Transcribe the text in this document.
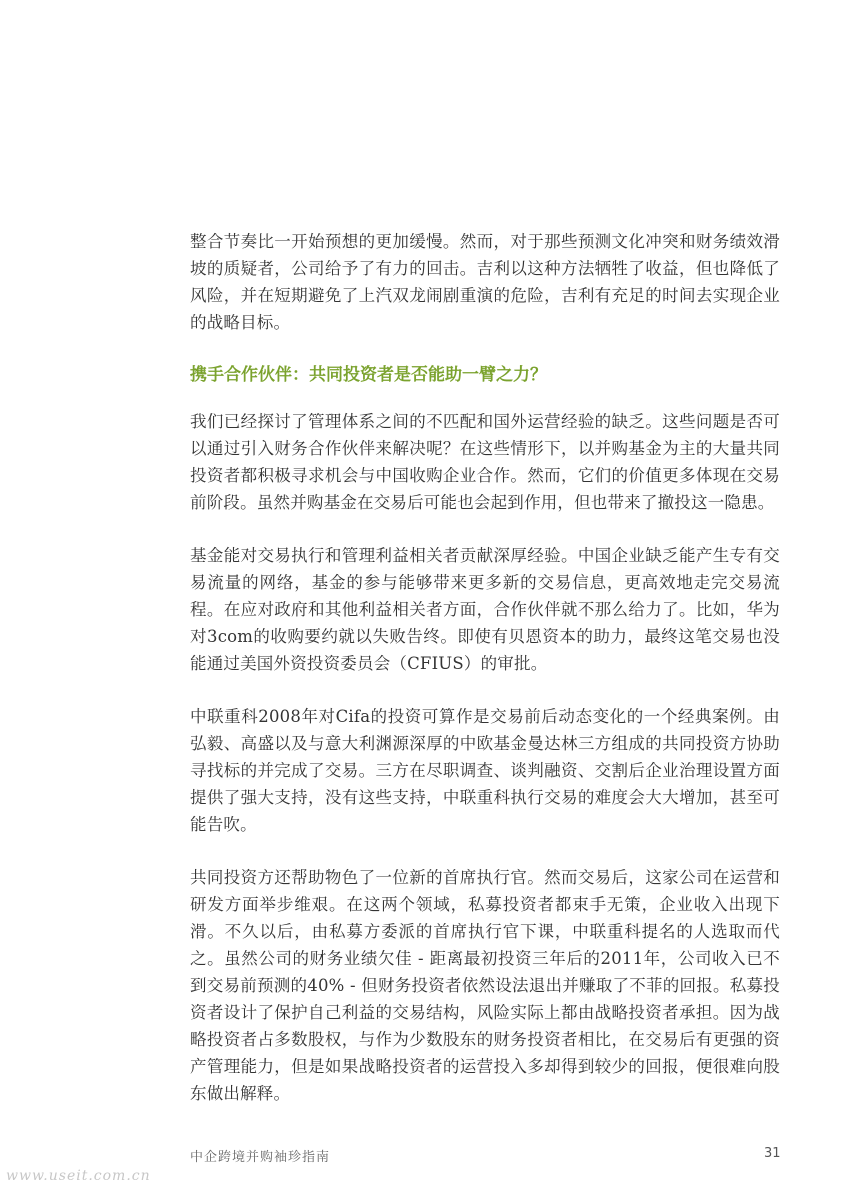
整合节奏比一开始预想的更加缓慢。然而，对于那些预测文化冲突和财务绩效滑坡的质疑者，公司给予了有力的回击。吉利以这种方法牺牲了收益，但也降低了风险，并在短期避免了上汽双龙闹剧重演的危险，吉利有充足的时间去实现企业的战略目标。

携手合作伙伴：共同投资者是否能助一臂之力？

我们已经探讨了管理体系之间的不匹配和国外运营经验的缺乏。这些问题是否可以通过引入财务合作伙伴来解决呢？在这些情形下，以并购基金为主的大量共同投资者都积极寻求机会与中国收购企业合作。然而，它们的价值更多体现在交易前阶段。虽然并购基金在交易后可能也会起到作用，但也带来了撤投这一隐患。

基金能对交易执行和管理利益相关者贡献深厚经验。中国企业缺乏能产生专有交易流量的网络，基金的参与能够带来更多新的交易信息，更高效地走完交易流程。在应对政府和其他利益相关者方面，合作伙伴就不那么给力了。比如，华为对3com的收购要约就以失败告终。即使有贝恩资本的助力，最终这笔交易也没能通过美国外资投资委员会（CFIUS）的审批。

中联重科2008年对Cifa的投资可算作是交易前后动态变化的一个经典案例。由弘毅、高盛以及与意大利渊源深厚的中欧基金曼达林三方组成的共同投资方协助寻找标的并完成了交易。三方在尽职调查、谈判融资、交割后企业治理设置方面提供了强大支持，没有这些支持，中联重科执行交易的难度会大大增加，甚至可能告吹。

共同投资方还帮助物色了一位新的首席执行官。然而交易后，这家公司在运营和研发方面举步维艰。在这两个领域，私募投资者都束手无策，企业收入出现下滑。不久以后，由私募方委派的首席执行官下课，中联重科提名的人选取而代之。虽然公司的财务业绩欠佳 - 距离最初投资三年后的2011年，公司收入已不到交易前预测的40% - 但财务投资者依然设法退出并赚取了不菲的回报。私募投资者设计了保护自己利益的交易结构，风险实际上都由战略投资者承担。因为战略投资者占多数股权，与作为少数股东的财务投资者相比，在交易后有更强的资产管理能力，但是如果战略投资者的运营投入多却得到较少的回报，便很难向股东做出解释。

中企跨境并购袖珍指南	31
www.useit.com.cn
